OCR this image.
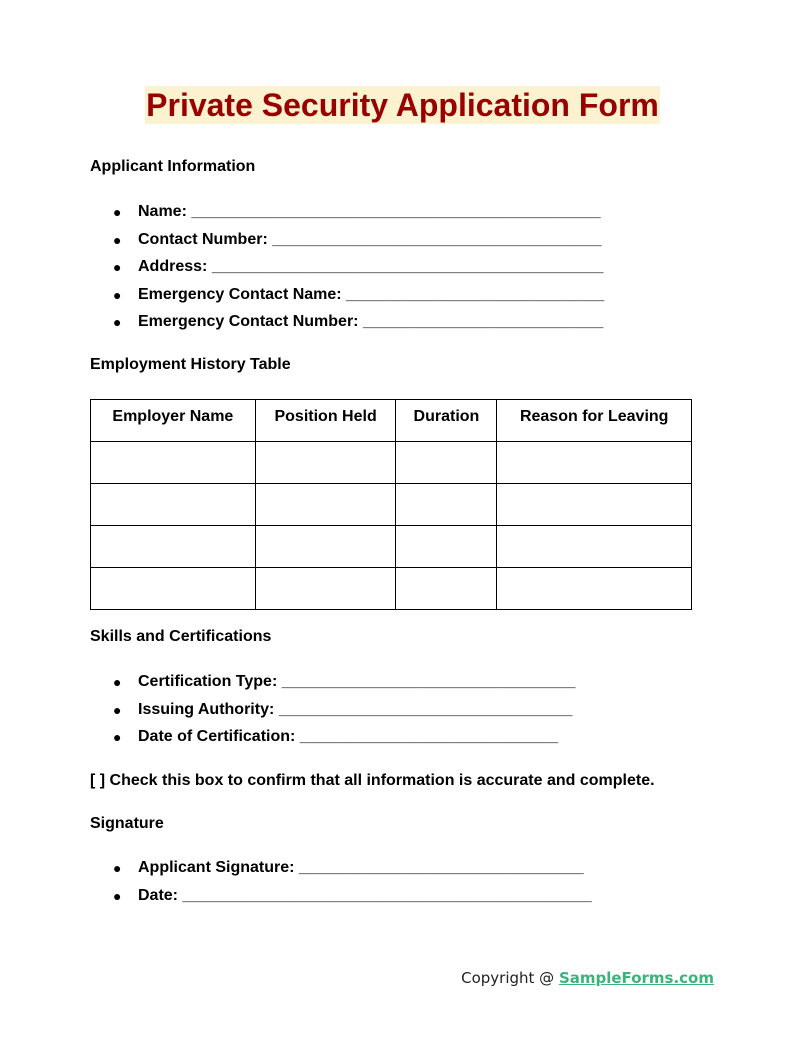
Private Security Application Form
Applicant Information
● Name: ______________________________________________
● Contact Number: _____________________________________
● Address: ____________________________________________
● Emergency Contact Name: _____________________________
● Emergency Contact Number: ___________________________
Employment History Table
Employer Name	Position Held	Duration	Reason for Leaving

Skills and Certifications
● Certification Type: _________________________________
● Issuing Authority: _________________________________
● Date of Certification: _____________________________
[ ] Check this box to confirm that all information is accurate and complete.
Signature
● Applicant Signature: ________________________________
● Date: ______________________________________________
Copyright @ SampleForms.com
